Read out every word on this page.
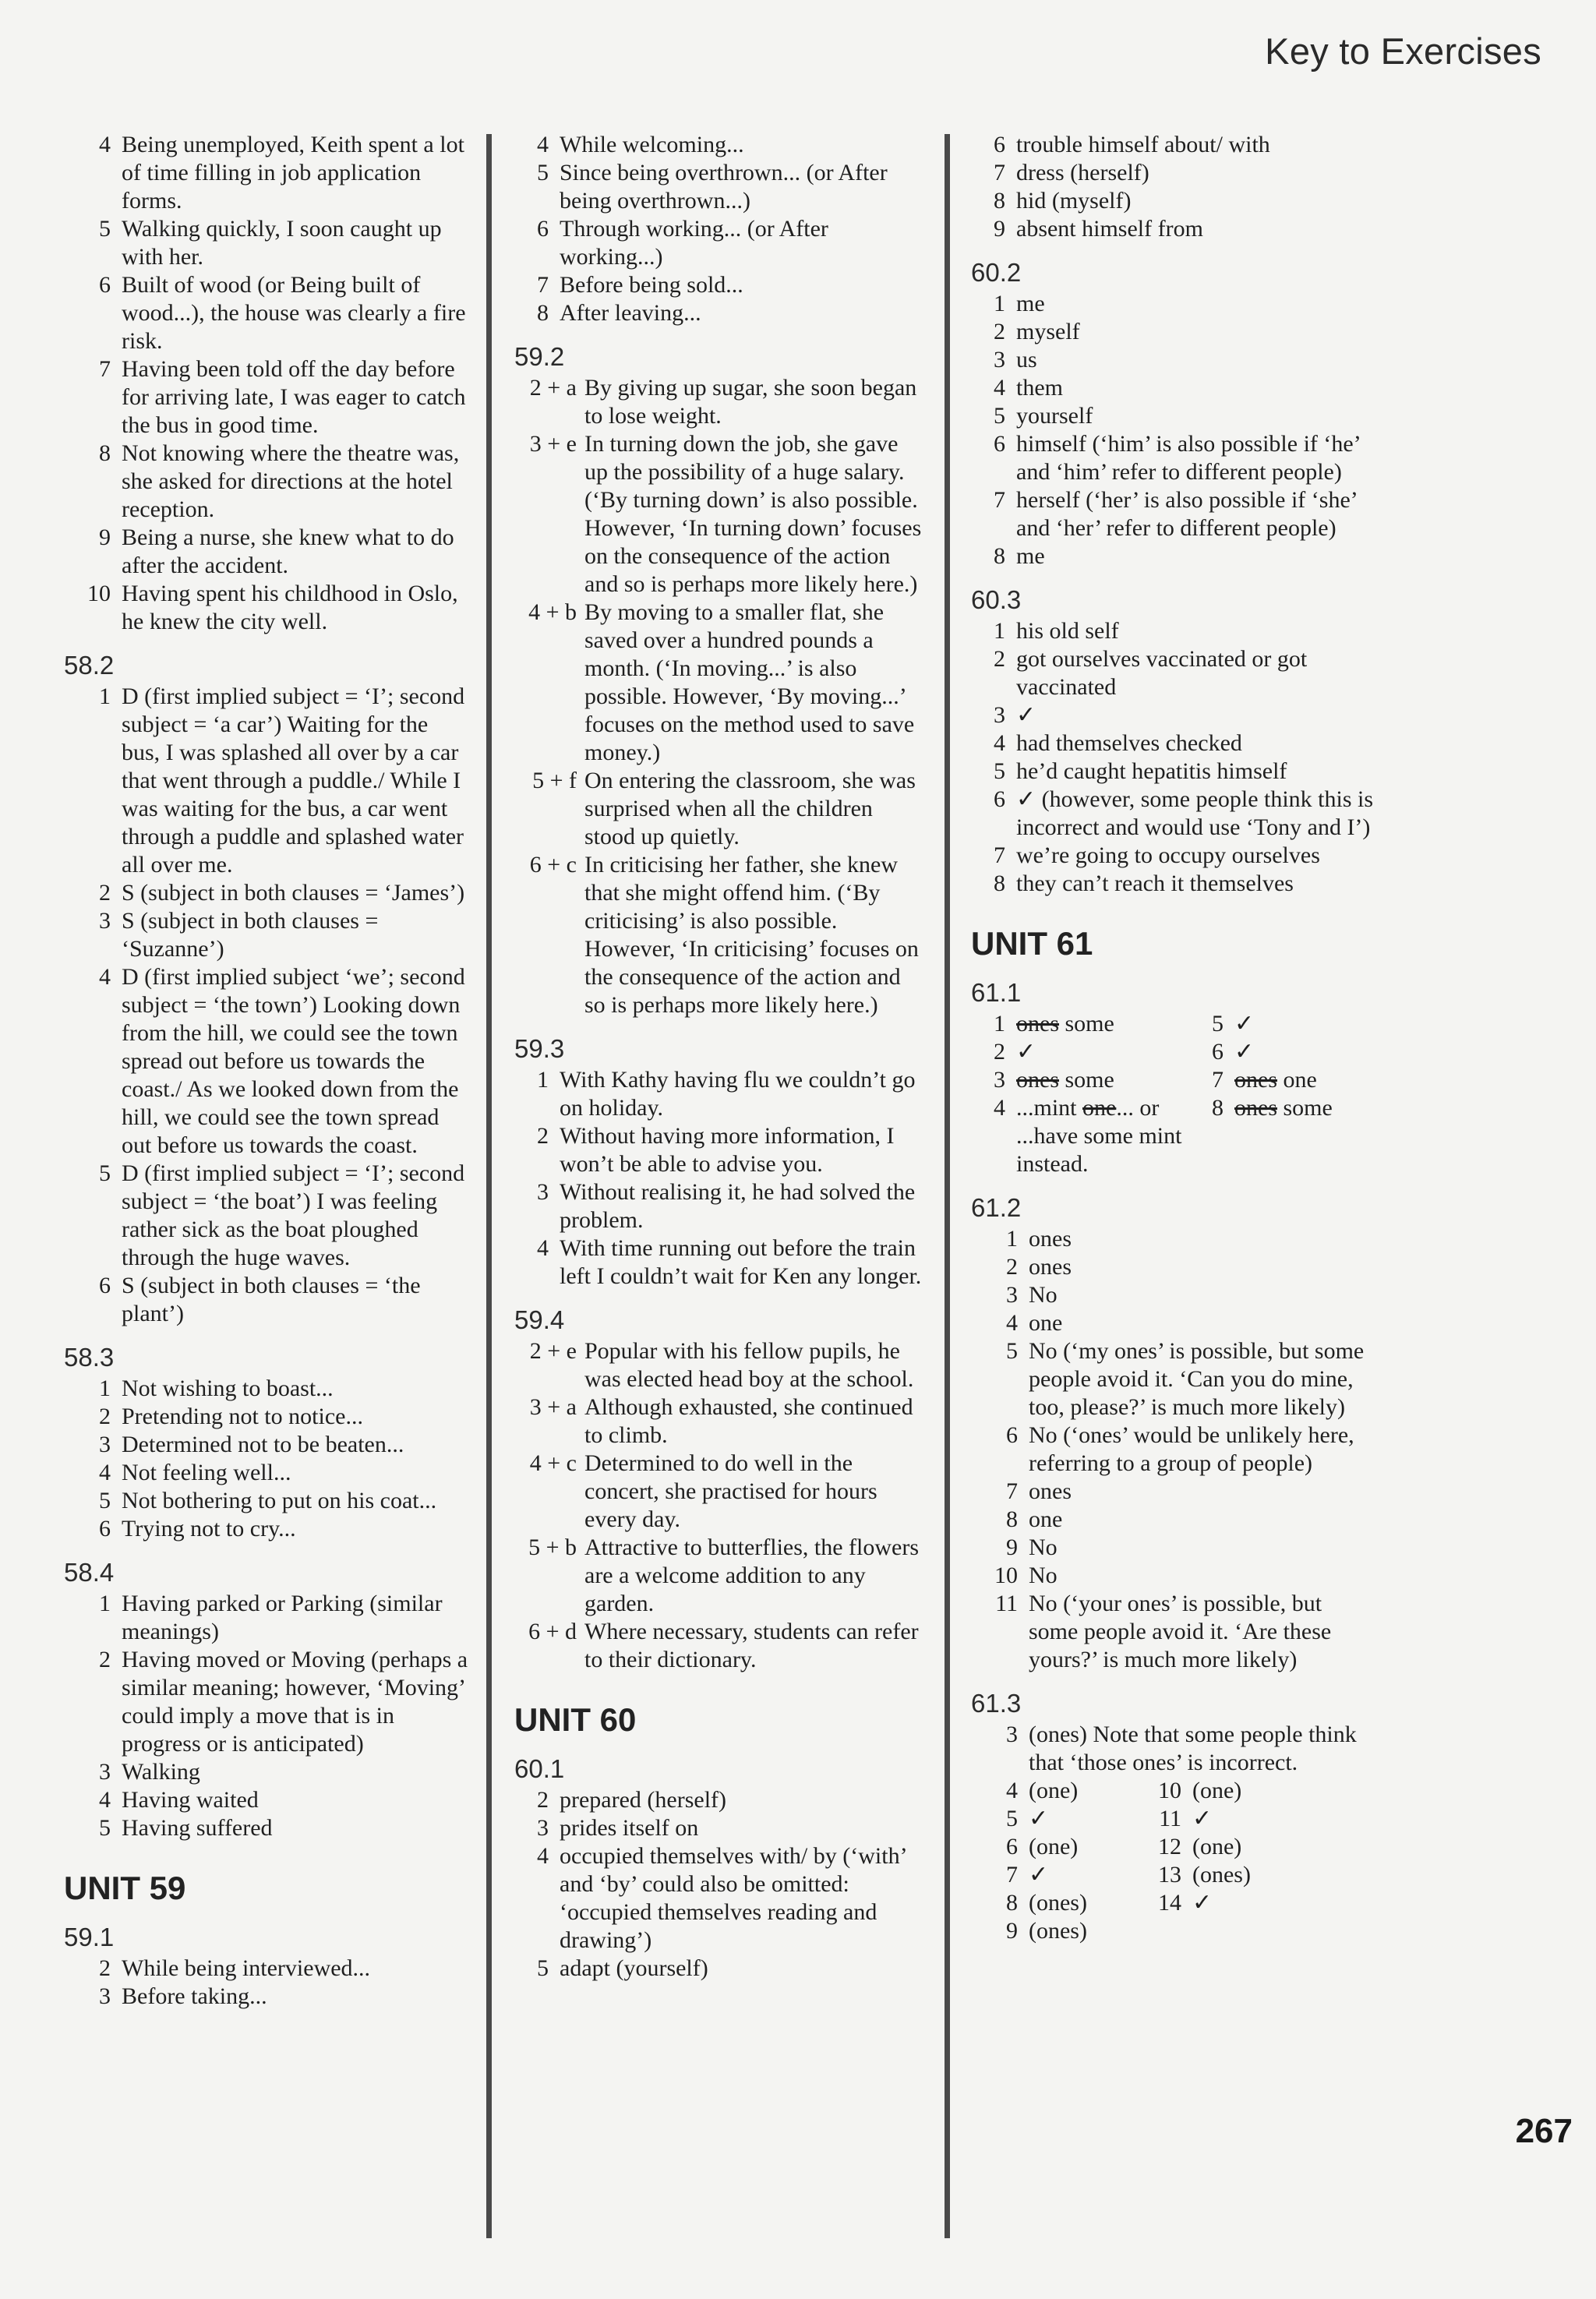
Key to Exercises
4 Being unemployed, Keith spent a lot of time filling in job application forms.
5 Walking quickly, I soon caught up with her.
6 Built of wood (or Being built of wood...), the house was clearly a fire risk.
7 Having been told off the day before for arriving late, I was eager to catch the bus in good time.
8 Not knowing where the theatre was, she asked for directions at the hotel reception.
9 Being a nurse, she knew what to do after the accident.
10 Having spent his childhood in Oslo, he knew the city well.
58.2
1 D (first implied subject = ‘I’; second subject = ‘a car’) Waiting for the bus, I was splashed all over by a car that went through a puddle./ While I was waiting for the bus, a car went through a puddle and splashed water all over me.
2 S (subject in both clauses = ‘James’)
3 S (subject in both clauses = ‘Suzanne’)
4 D (first implied subject ‘we’; second subject = ‘the town’) Looking down from the hill, we could see the town spread out before us towards the coast./ As we looked down from the hill, we could see the town spread out before us towards the coast.
5 D (first implied subject = ‘I’; second subject = ‘the boat’) I was feeling rather sick as the boat ploughed through the huge waves.
6 S (subject in both clauses = ‘the plant’)
58.3
1 Not wishing to boast...
2 Pretending not to notice...
3 Determined not to be beaten...
4 Not feeling well...
5 Not bothering to put on his coat...
6 Trying not to cry...
58.4
1 Having parked or Parking (similar meanings)
2 Having moved or Moving (perhaps a similar meaning; however, ‘Moving’ could imply a move that is in progress or is anticipated)
3 Walking
4 Having waited
5 Having suffered
UNIT 59
59.1
2 While being interviewed...
3 Before taking...
4 While welcoming...
5 Since being overthrown... (or After being overthrown...)
6 Through working... (or After working...)
7 Before being sold...
8 After leaving...
59.2
2 + a By giving up sugar, she soon began to lose weight.
3 + e In turning down the job, she gave up the possibility of a huge salary. (‘By turning down’ is also possible. However, ‘In turning down’ focuses on the consequence of the action and so is perhaps more likely here.)
4 + b By moving to a smaller flat, she saved over a hundred pounds a month. (‘In moving...’ is also possible. However, ‘By moving...’ focuses on the method used to save money.)
5 + f On entering the classroom, she was surprised when all the children stood up quietly.
6 + c In criticising her father, she knew that she might offend him. (‘By criticising’ is also possible. However, ‘In criticising’ focuses on the consequence of the action and so is perhaps more likely here.)
59.3
1 With Kathy having flu we couldn’t go on holiday.
2 Without having more information, I won’t be able to advise you.
3 Without realising it, he had solved the problem.
4 With time running out before the train left I couldn’t wait for Ken any longer.
59.4
2 + e Popular with his fellow pupils, he was elected head boy at the school.
3 + a Although exhausted, she continued to climb.
4 + c Determined to do well in the concert, she practised for hours every day.
5 + b Attractive to butterflies, the flowers are a welcome addition to any garden.
6 + d Where necessary, students can refer to their dictionary.
UNIT 60
60.1
2 prepared (herself)
3 prides itself on
4 occupied themselves with/ by (‘with’ and ‘by’ could also be omitted: ‘occupied themselves reading and drawing’)
5 adapt (yourself)
6 trouble himself about/ with
7 dress (herself)
8 hid (myself)
9 absent himself from
60.2
1 me
2 myself
3 us
4 them
5 yourself
6 himself (‘him’ is also possible if ‘he’ and ‘him’ refer to different people)
7 herself (‘her’ is also possible if ‘she’ and ‘her’ refer to different people)
8 me
60.3
1 his old self
2 got ourselves vaccinated or got vaccinated
3 ✓
4 had themselves checked
5 he’d caught hepatitis himself
6 ✓ (however, some people think this is incorrect and would use ‘Tony and I’)
7 we’re going to occupy ourselves
8 they can’t reach it themselves
UNIT 61
61.1
1 ones some
2 ✓
3 ones some
5 ✓
6 ✓
7 ones one
4 ...mint one... or ...have some mint instead.
8 ones some
61.2
1 ones
2 ones
3 No
4 one
5 No (‘my ones’ is possible, but some people avoid it. ‘Can you do mine, too, please?’ is much more likely)
6 No (‘ones’ would be unlikely here, referring to a group of people)
7 ones
8 one
9 No
10 No
11 No (‘your ones’ is possible, but some people avoid it. ‘Are these yours?’ is much more likely)
61.3
3 (ones) Note that some people think that ‘those ones’ is incorrect.
4 (one)
5 ✓
6 (one)
7 ✓
8 (ones)
9 (ones)
10 (one)
11 ✓
12 (one)
13 (ones)
14 ✓
267
